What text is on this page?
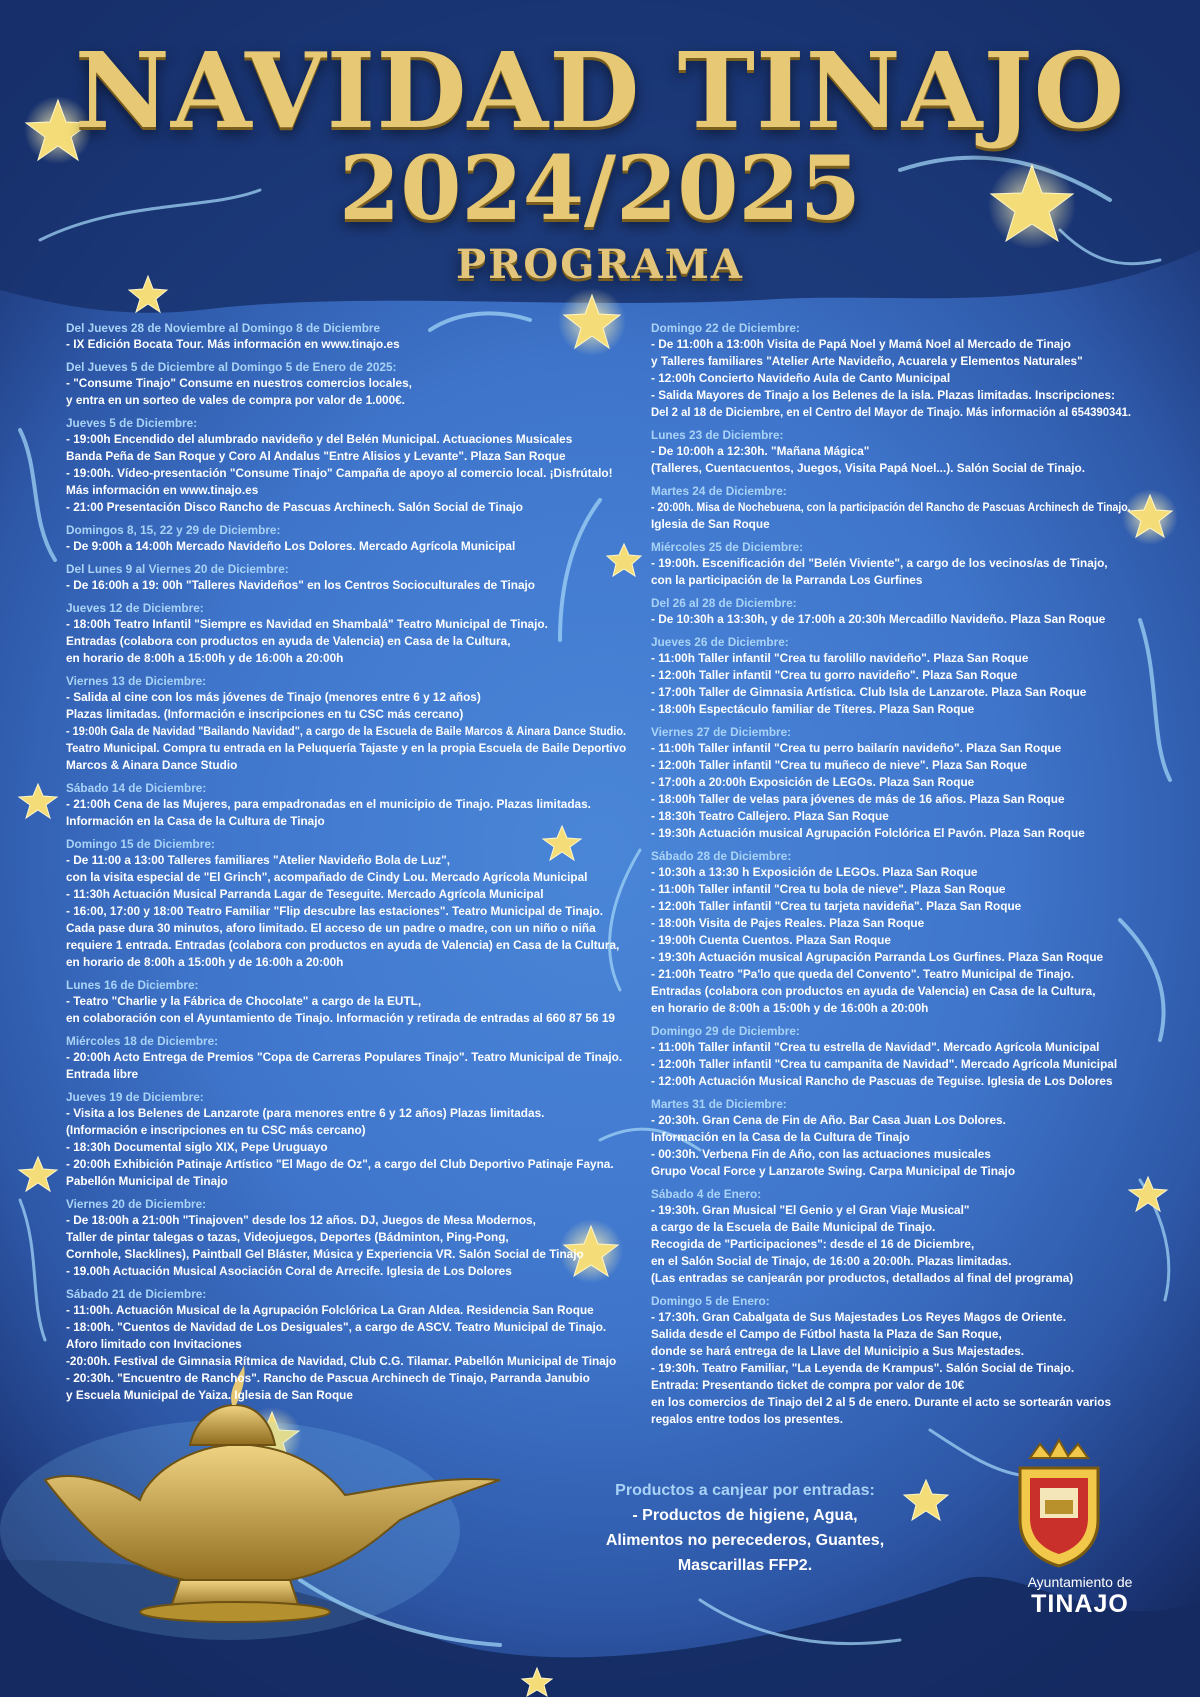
NAVIDAD TINAJO
2024/2025
PROGRAMA
Del Jueves 28 de Noviembre al Domingo 8 de Diciembre
- IX Edición Bocata Tour. Más información en www.tinajo.es
Del Jueves 5 de Diciembre al Domingo 5 de Enero de 2025:
- "Consume Tinajo" Consume en nuestros comercios locales,
y entra en un sorteo de vales de compra por valor de 1.000€.
Jueves 5 de Diciembre:
- 19:00h Encendido del alumbrado navideño y del Belén Municipal. Actuaciones Musicales
Banda Peña de San Roque y Coro Al Andalus "Entre Alisios y Levante". Plaza San Roque
- 19:00h. Vídeo-presentación "Consume Tinajo" Campaña de apoyo al comercio local. ¡Disfrútalo!
Más información en www.tinajo.es
- 21:00 Presentación Disco Rancho de Pascuas Archinech. Salón Social de Tinajo
Domingos 8, 15, 22 y 29 de Diciembre:
- De 9:00h a 14:00h Mercado Navideño Los Dolores. Mercado Agrícola Municipal
Del Lunes 9 al Viernes 20 de Diciembre:
- De 16:00h a 19: 00h "Talleres Navideños" en los Centros Socioculturales de Tinajo
Jueves 12 de Diciembre:
- 18:00h Teatro Infantil "Siempre es Navidad en Shambalá" Teatro Municipal de Tinajo.
Entradas (colabora con productos en ayuda de Valencia) en Casa de la Cultura,
en horario de 8:00h a 15:00h y de 16:00h a 20:00h
Viernes 13 de Diciembre:
- Salida al cine con los más jóvenes de Tinajo (menores entre 6 y 12 años)
Plazas limitadas. (Información e inscripciones en tu CSC más cercano)
- 19:00h Gala de Navidad "Bailando Navidad", a cargo de la Escuela de Baile Marcos & Ainara Dance Studio.
Teatro Municipal. Compra tu entrada en la Peluquería Tajaste y en la propia Escuela de Baile Deportivo
Marcos & Ainara Dance Studio
Sábado 14 de Diciembre:
- 21:00h Cena de las Mujeres, para empadronadas en el municipio de Tinajo. Plazas limitadas.
Información en la Casa de la Cultura de Tinajo
Domingo 15 de Diciembre:
- De 11:00 a 13:00 Talleres familiares "Atelier Navideño Bola de Luz",
con la visita especial de "El Grinch", acompañado de Cindy Lou. Mercado Agrícola Municipal
- 11:30h Actuación Musical Parranda Lagar de Teseguite. Mercado Agrícola Municipal
- 16:00, 17:00 y 18:00 Teatro Familiar "Flip descubre las estaciones". Teatro Municipal de Tinajo.
Cada pase dura 30 minutos, aforo limitado. El acceso de un padre o madre, con un niño o niña
requiere 1 entrada. Entradas (colabora con productos en ayuda de Valencia) en Casa de la Cultura,
en horario de 8:00h a 15:00h y de 16:00h a 20:00h
Lunes 16 de Diciembre:
- Teatro "Charlie y la Fábrica de Chocolate" a cargo de la EUTL,
en colaboración con el Ayuntamiento de Tinajo. Información y retirada de entradas al 660 87 56 19
Miércoles 18 de Diciembre:
- 20:00h Acto Entrega de Premios "Copa de Carreras Populares Tinajo". Teatro Municipal de Tinajo.
Entrada libre
Jueves 19 de Diciembre:
- Visita a los Belenes de Lanzarote (para menores entre 6 y 12 años) Plazas limitadas.
(Información e inscripciones en tu CSC más cercano)
- 18:30h Documental siglo XIX, Pepe Uruguayo
- 20:00h Exhibición Patinaje Artístico "El Mago de Oz", a cargo del Club Deportivo Patinaje Fayna.
Pabellón Municipal de Tinajo
Viernes 20 de Diciembre:
- De 18:00h a 21:00h "Tinajoven" desde los 12 años. DJ, Juegos de Mesa Modernos,
Taller de pintar talegas o tazas, Videojuegos, Deportes (Bádminton, Ping-Pong,
Cornhole, Slacklines), Paintball Gel Bláster, Música y Experiencia VR. Salón Social de Tinajo
- 19.00h Actuación Musical Asociación Coral de Arrecife. Iglesia de Los Dolores
Sábado 21 de Diciembre:
- 11:00h. Actuación Musical de la Agrupación Folclórica La Gran Aldea. Residencia San Roque
- 18:00h. "Cuentos de Navidad de Los Desiguales", a cargo de ASCV. Teatro Municipal de Tinajo.
Aforo limitado con Invitaciones
-20:00h. Festival de Gimnasia Rítmica de Navidad, Club C.G. Tilamar. Pabellón Municipal de Tinajo
- 20:30h. "Encuentro de Ranchos". Rancho de Pascua Archinech de Tinajo, Parranda Janubio
y Escuela Municipal de Yaiza. Iglesia de San Roque
Domingo 22 de Diciembre:
- De 11:00h a 13:00h Visita de Papá Noel y Mamá Noel al Mercado de Tinajo
y Talleres familiares "Atelier Arte Navideño, Acuarela y Elementos Naturales"
- 12:00h Concierto Navideño Aula de Canto Municipal
- Salida Mayores de Tinajo a los Belenes de la isla. Plazas limitadas. Inscripciones:
Del 2 al 18 de Diciembre, en el Centro del Mayor de Tinajo. Más información al 654390341.
Lunes 23 de Diciembre:
- De 10:00h a 12:30h. "Mañana Mágica"
(Talleres, Cuentacuentos, Juegos, Visita Papá Noel...). Salón Social de Tinajo.
Martes 24 de Diciembre:
- 20:00h. Misa de Nochebuena, con la participación del Rancho de Pascuas Archinech de Tinajo.
Iglesia de San Roque
Miércoles 25 de Diciembre:
- 19:00h. Escenificación del "Belén Viviente", a cargo de los vecinos/as de Tinajo,
con la participación de la Parranda Los Gurfines
Del 26 al 28 de Diciembre:
- De 10:30h a 13:30h, y de 17:00h a 20:30h Mercadillo Navideño. Plaza San Roque
Jueves 26 de Diciembre:
- 11:00h Taller infantil "Crea tu farolillo navideño". Plaza San Roque
- 12:00h Taller infantil "Crea tu gorro navideño". Plaza San Roque
- 17:00h Taller de Gimnasia Artística. Club Isla de Lanzarote. Plaza San Roque
- 18:00h Espectáculo familiar de Títeres. Plaza San Roque
Viernes 27 de Diciembre:
- 11:00h Taller infantil "Crea tu perro bailarín navideño". Plaza San Roque
- 12:00h Taller infantil "Crea tu muñeco de nieve". Plaza San Roque
- 17:00h a 20:00h Exposición de LEGOs. Plaza San Roque
- 18:00h Taller de velas para jóvenes de más de 16 años. Plaza San Roque
- 18:30h Teatro Callejero. Plaza San Roque
- 19:30h Actuación musical Agrupación Folclórica El Pavón. Plaza San Roque
Sábado 28 de Diciembre:
- 10:30h a 13:30 h Exposición de LEGOs. Plaza San Roque
- 11:00h Taller infantil "Crea tu bola de nieve". Plaza San Roque
- 12:00h Taller infantil "Crea tu tarjeta navideña". Plaza San Roque
- 18:00h Visita de Pajes Reales. Plaza San Roque
- 19:00h Cuenta Cuentos. Plaza San Roque
- 19:30h Actuación musical Agrupación Parranda Los Gurfines. Plaza San Roque
- 21:00h Teatro "Pa'lo que queda del Convento". Teatro Municipal de Tinajo.
Entradas (colabora con productos en ayuda de Valencia) en Casa de la Cultura,
en horario de 8:00h a 15:00h y de 16:00h a 20:00h
Domingo 29 de Diciembre:
- 11:00h Taller infantil "Crea tu estrella de Navidad". Mercado Agrícola Municipal
- 12:00h Taller infantil "Crea tu campanita de Navidad". Mercado Agrícola Municipal
- 12:00h Actuación Musical Rancho de Pascuas de Teguise. Iglesia de Los Dolores
Martes 31 de Diciembre:
- 20:30h. Gran Cena de Fin de Año. Bar Casa Juan Los Dolores.
Información en la Casa de la Cultura de Tinajo
- 00:30h. Verbena Fin de Año, con las actuaciones musicales
Grupo Vocal Force y Lanzarote Swing. Carpa Municipal de Tinajo
Sábado 4 de Enero:
- 19:30h. Gran Musical "El Genio y el Gran Viaje Musical"
a cargo de la Escuela de Baile Municipal de Tinajo.
Recogida de "Participaciones": desde el 16 de Diciembre,
en el Salón Social de Tinajo, de 16:00 a 20:00h. Plazas limitadas.
(Las entradas se canjearán por productos, detallados al final del programa)
Domingo 5 de Enero:
- 17:30h. Gran Cabalgata de Sus Majestades Los Reyes Magos de Oriente.
Salida desde el Campo de Fútbol hasta la Plaza de San Roque,
donde se hará entrega de la Llave del Municipio a Sus Majestades.
- 19:30h. Teatro Familiar, "La Leyenda de Krampus". Salón Social de Tinajo.
Entrada: Presentando ticket de compra por valor de 10€
en los comercios de Tinajo del 2 al 5 de enero. Durante el acto se sortearán varios
regalos entre todos los presentes.
Productos a canjear por entradas:
- Productos de higiene, Agua,
Alimentos no perecederos, Guantes,
Mascarillas FFP2.
Ayuntamiento de
TINAJO
